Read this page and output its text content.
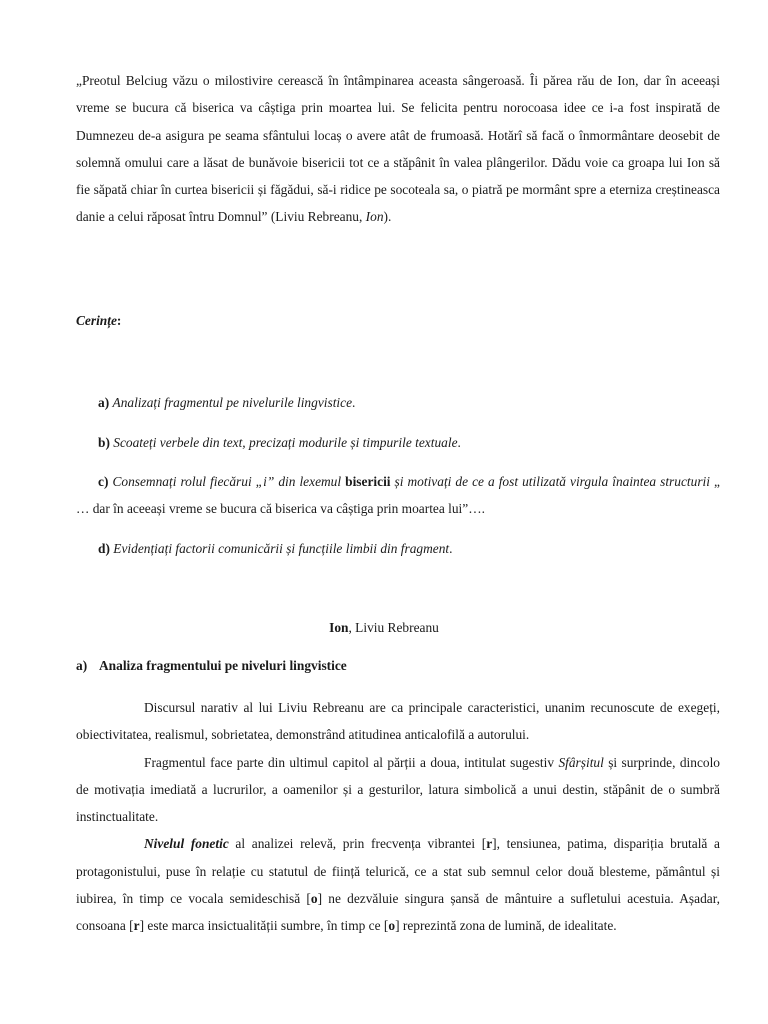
„Preotul Belciug văzu o milostivire cerească în întâmpinarea aceasta sângeroasă. Îi părea rău de Ion, dar în aceeași vreme se bucura că biserica va câștiga prin moartea lui. Se felicita pentru norocoasa idee ce i-a fost inspirată de Dumnezeu de-a asigura pe seama sfântului locaș o avere atât de frumoasă. Hotărî să facă o înmormântare deosebit de solemnă omului care a lăsat de bunăvoie bisericii tot ce a stăpânit în valea plângerilor. Dădu voie ca groapa lui Ion să fie săpată chiar în curtea bisericii și făgădui, să-i ridice pe socoteala sa, o piatră pe mormânt spre a eterniza creștineasca danie a celui răposat întru Domnul” (Liviu Rebreanu, Ion).

Cerințe:

a) Analizați fragmentul pe nivelurile lingvistice.

b) Scoateți verbele din text, precizați modurile și timpurile textuale.

c) Consemnați rolul fiecărui „i” din lexemul bisericii și motivați de ce a fost utilizată virgula înaintea structurii „ … dar în aceeași vreme se bucura că biserica va câștiga prin moartea lui”….

d) Evidențiați factorii comunicării și funcțiile limbii din fragment.

Ion, Liviu Rebreanu
a) Analiza fragmentului pe niveluri lingvistice

Discursul narativ al lui Liviu Rebreanu are ca principale caracteristici, unanim recunoscute de exegeți, obiectivitatea, realismul, sobrietatea, demonstrând atitudinea anticalofilă a autorului.

Fragmentul face parte din ultimul capitol al părții a doua, intitulat sugestiv Sfârșitul și surprinde, dincolo de motivația imediată a lucrurilor, a oamenilor și a gesturilor, latura simbolică a unui destin, stăpânit de o sumbră instinctualitate.

Nivelul fonetic al analizei relevă, prin frecvența vibrantei [r], tensiunea, patima, dispariția brutală a protagonistului, puse în relație cu statutul de ființă telurică, ce a stat sub semnul celor două blesteme, pământul și iubirea, în timp ce vocala semideschisă [o] ne dezvăluie singura șansă de mântuire a sufletului acestuia. Așadar, consoana [r] este marca insictualității sumbre, în timp ce [o] reprezintă zona de lumină, de idealitate.
